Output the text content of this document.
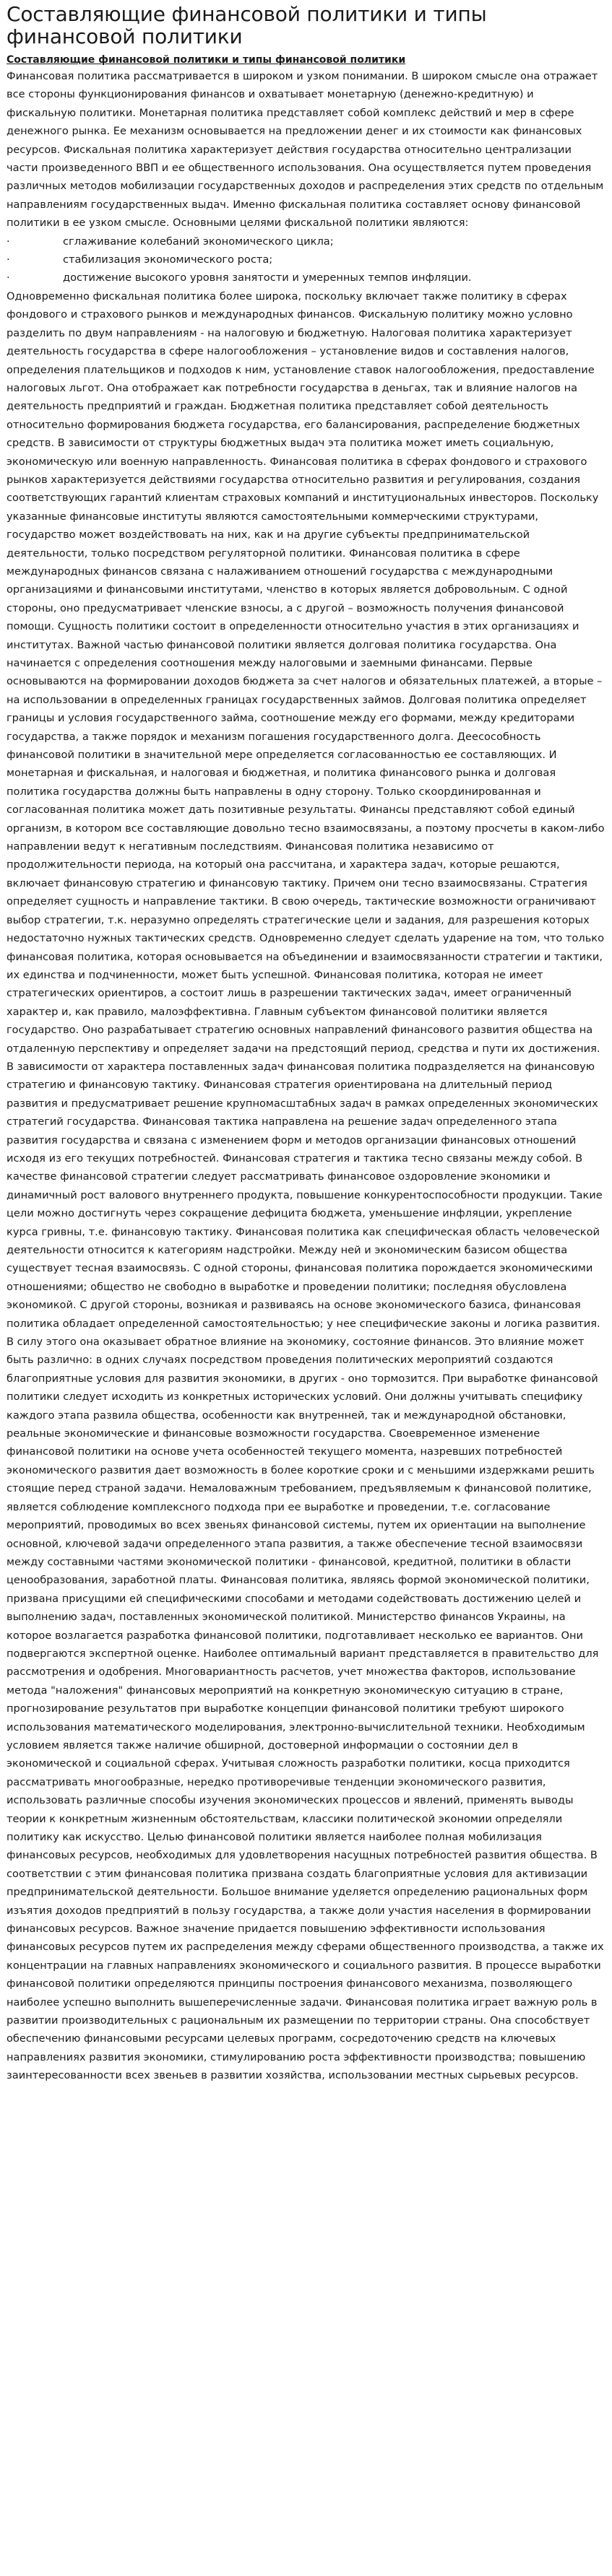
Составляющие финансовой политики и типы финансовой политики

Составляющие финансовой политики и типы финансовой политики

Финансовая политика рассматривается в широком и узком понимании. В широком смысле она отражает все стороны функционирования финансов и охватывает монетарную (денежно-кредитную) и фискальную политики. Монетарная политика представляет собой комплекс действий и мер в сфере денежного рынка. Ее механизм основывается на предложении денег и их стоимости как финансовых ресурсов. Фискальная политика характеризует действия государства относительно централизации части произведенного ВВП и ее общественного использования. Она осуществляется путем проведения различных методов мобилизации государственных доходов и распределения этих средств по отдельным направлениям государственных выдач. Именно фискальная политика составляет основу финансовой политики в ее узком смысле. Основными целями фискальной политики являются:

·	сглаживание колебаний экономического цикла;
·	стабилизация экономического роста;
·	достижение высокого уровня занятости и умеренных темпов инфляции.

Одновременно фискальная политика более широка, поскольку включает также политику в сферах фондового и страхового рынков и международных финансов. Фискальную политику можно условно разделить по двум направлениям - на налоговую и бюджетную. Налоговая политика характеризует деятельность государства в сфере налогообложения – установление видов и составления налогов, определения плательщиков и подходов к ним, установление ставок налогообложения, предоставление налоговых льгот. Она отображает как потребности государства в деньгах, так и влияние налогов на деятельность предприятий и граждан. Бюджетная политика представляет собой деятельность относительно формирования бюджета государства, его балансирования, распределение бюджетных средств. В зависимости от структуры бюджетных выдач эта политика может иметь социальную, экономическую или военную направленность. Финансовая политика в сферах фондового и страхового рынков характеризуется действиями государства относительно развития и регулирования, создания соответствующих гарантий клиентам страховых компаний и институциональных инвесторов. Поскольку указанные финансовые институты являются самостоятельными коммерческими структурами, государство может воздействовать на них, как и на другие субъекты предпринимательской деятельности, только посредством регуляторной политики. Финансовая политика в сфере международных финансов связана с налаживанием отношений государства с международными организациями и финансовыми институтами, членство в которых является добровольным. С одной стороны, оно предусматривает членские взносы, а с другой – возможность получения финансовой помощи. Сущность политики состоит в определенности относительно участия в этих организациях и институтах. Важной частью финансовой политики является долговая политика государства. Она начинается с определения соотношения между налоговыми и заемными финансами. Первые основываются на формировании доходов бюджета за счет налогов и обязательных платежей, а вторые – на использовании в определенных границах государственных займов. Долговая политика определяет границы и условия государственного займа, соотношение между его формами, между кредиторами государства, а также порядок и механизм погашения государственного долга. Деесособность финансовой политики в значительной мере определяется согласованностью ее составляющих. И монетарная и фискальная, и налоговая и бюджетная, и политика финансового рынка и долговая политика государства должны быть направлены в одну сторону. Только скоординированная и согласованная политика может дать позитивные результаты. Финансы представляют собой единый организм, в котором все составляющие довольно тесно взаимосвязаны, а поэтому просчеты в каком-либо направлении ведут к негативным последствиям. Финансовая политика независимо от продолжительности периода, на который она рассчитана, и характера задач, которые решаются, включает финансовую стратегию и финансовую тактику. Причем они тесно взаимосвязаны. Стратегия определяет сущность и направление тактики. В свою очередь, тактические возможности ограничивают выбор стратегии, т.к. неразумно определять стратегические цели и задания, для разрешения которых недостаточно нужных тактических средств. Одновременно следует сделать ударение на том, что только финансовая политика, которая основывается на объединении и взаимосвязанности стратегии и тактики, их единства и подчиненности, может быть успешной. Финансовая политика, которая не имеет стратегических ориентиров, а состоит лишь в разрешении тактических задач, имеет ограниченный характер и, как правило, малоэффективна. Главным субъектом финансовой политики является государство. Оно разрабатывает стратегию основных направлений финансового развития общества на отдаленную перспективу и определяет задачи на предстоящий период, средства и пути их достижения. В зависимости от характера поставленных задач финансовая политика подразделяется на финансовую стратегию и финансовую тактику. Финансовая стратегия ориентирована на длительный период развития и предусматривает решение крупномасштабных задач в рамках определенных экономических стратегий государства. Финансовая тактика направлена на решение задач определенного этапа развития государства и связана с изменением форм и методов организации финансовых отношений исходя из его текущих потребностей. Финансовая стратегия и тактика тесно связаны между собой. В качестве финансовой стратегии следует рассматривать финансовое оздоровление экономики и динамичный рост валового внутреннего продукта, повышение конкурентоспособности продукции. Такие цели можно достигнуть через сокращение дефицита бюджета, уменьшение инфляции, укрепление курса гривны, т.е. финансовую тактику. Финансовая политика как специфическая область человеческой деятельности относится к категориям надстройки. Между ней и экономическим базисом общества существует тесная взаимосвязь. С одной стороны, финансовая политика порождается экономическими отношениями; общество не свободно в выработке и проведении политики; последняя обусловлена экономикой. С другой стороны, возникая и развиваясь на основе экономического базиса, финансовая политика обладает определенной самостоятельностью; у нее специфические законы и логика развития. В силу этого она оказывает обратное влияние на экономику, состояние финансов. Это влияние может быть различно: в одних случаях посредством проведения политических мероприятий создаются благоприятные условия для развития экономики, в других - оно тормозится. При выработке финансовой политики следует исходить из конкретных исторических условий. Они должны учитывать специфику каждого этапа развила общества, особенности как внутренней, так и международной обстановки, реальные экономические и финансовые возможности государства. Своевременное изменение финансовой политики на основе учета особенностей текущего момента, назревших потребностей экономического развития дает возможность в более короткие сроки и с меньшими издержками решить стоящие перед страной задачи. Немаловажным требованием, предъявляемым к финансовой политике, является соблюдение комплексного подхода при ее выработке и проведении, т.е. согласование мероприятий, проводимых во всех звеньях финансовой системы, путем их ориентации на выполнение основной, ключевой задачи определенного этапа развития, а также обеспечение тесной взаимосвязи между составными частями экономической политики - финансовой, кредитной, политики в области ценообразования, заработной платы. Финансовая политика, являясь формой экономической политики, призвана присущими ей специфическими способами и методами содействовать достижению целей и выполнению задач, поставленных экономической политикой. Министерство финансов Украины, на которое возлагается разработка финансовой политики, подготавливает несколько ее вариантов. Они подвергаются экспертной оценке. Наиболее оптимальный вариант представляется в правительство для рассмотрения и одобрения. Многовариантность расчетов, учет множества факторов, использование метода "наложения" финансовых мероприятий на конкретную экономическую ситуацию в стране, прогнозирование результатов при выработке концепции финансовой политики требуют широкого использования математического моделирования, электронно-вычислительной техники. Необходимым условием является также наличие обширной, достоверной информации о состоянии дел в экономической и социальной сферах. Учитывая сложность разработки политики, косца приходится рассматривать многообразные, нередко противоречивые тенденции экономического развития, использовать различные способы изучения экономических процессов и явлений, применять выводы теории к конкретным жизненным обстоятельствам, классики политической экономии определяли политику как искусство. Целью финансовой политики является наиболее полная мобилизация финансовых ресурсов, необходимых для удовлетворения насущных потребностей развития общества. В соответствии с этим финансовая политика призвана создать благоприятные условия для активизации предпринимательской деятельности. Большое внимание уделяется определению рациональных форм изъятия доходов предприятий в пользу государства, а также доли участия населения в формировании финансовых ресурсов. Важное значение придается повышению эффективности использования финансовых ресурсов путем их распределения между сферами общественного производства, а также их концентрации на главных направлениях экономического и социального развития. В процессе выработки финансовой политики определяются принципы построения финансового механизма, позволяющего наиболее успешно выполнить вышеперечисленные задачи. Финансовая политика играет важную роль в развитии производительных с рациональным их размещении по территории страны. Она способствует обеспечению финансовыми ресурсами целевых программ, сосредоточению средств на ключевых направлениях развития экономики, стимулированию роста эффективности производства; повышению заинтересованности всех звеньев в развитии хозяйства, использовании местных сырьевых ресурсов.
